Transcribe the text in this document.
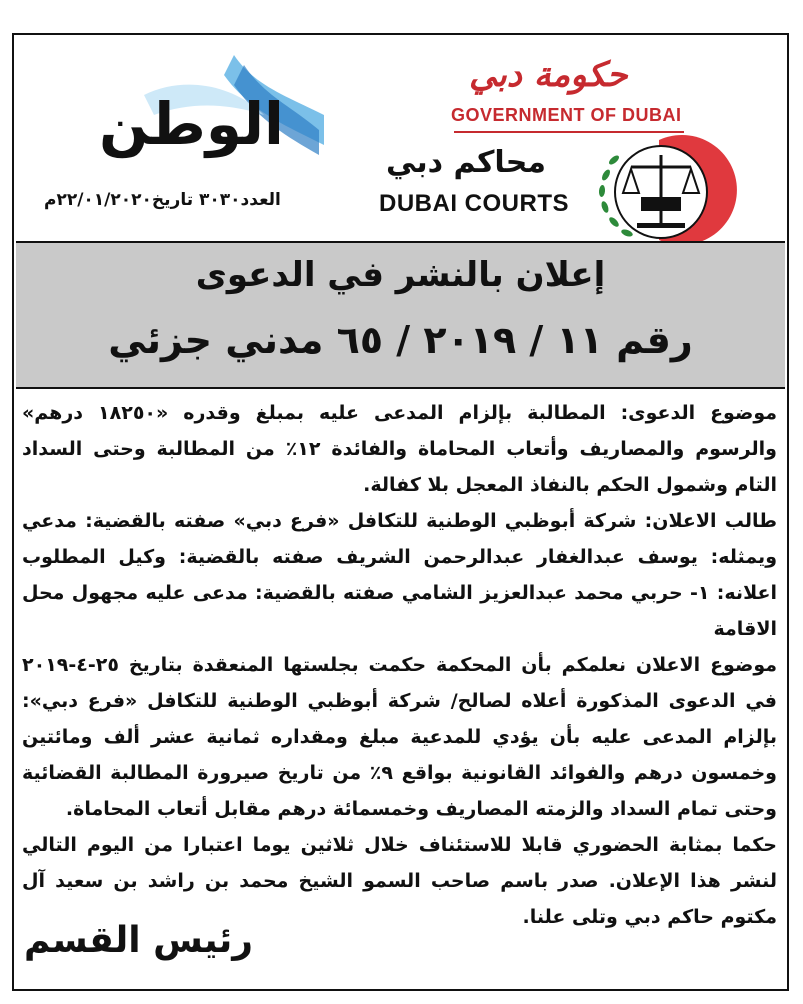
الوطن
العدد٣٠٣٠ تاريخ٢٢/٠١/٢٠٢٠م
حكومة دبي
GOVERNMENT OF DUBAI
محاكم دبي
DUBAI COURTS
إعلان بالنشر في الدعوى
رقم ١١ / ٢٠١٩ / ٦٥ مدني جزئي

موضوع الدعوى: المطالبة بإلزام المدعى عليه بمبلغ وقدره «١٨٢٥٠ درهم» والرسوم والمصاريف وأتعاب المحاماة والفائدة ١٢٪ من المطالبة وحتى السداد التام وشمول الحكم بالنفاذ المعجل بلا كفالة.

طالب الاعلان: شركة أبوظبي الوطنية للتكافل «فرع دبي» صفته بالقضية: مدعي ويمثله: يوسف عبدالغفار عبدالرحمن الشريف صفته بالقضية: وكيل المطلوب اعلانه: ١- حربي محمد عبدالعزيز الشامي صفته بالقضية: مدعى عليه مجهول محل الاقامة

موضوع الاعلان نعلمكم بأن المحكمة حكمت بجلستها المنعقدة بتاريخ ٢٥-٤-٢٠١٩ في الدعوى المذكورة أعلاه لصالح/ شركة أبوظبي الوطنية للتكافل «فرع دبي»: بإلزام المدعى عليه بأن يؤدي للمدعية مبلغ ومقداره ثمانية عشر ألف ومائتين وخمسون درهم والفوائد القانونية بواقع ٩٪ من تاريخ صيرورة المطالبة القضائية وحتى تمام السداد والزمته المصاريف وخمسمائة درهم مقابل أتعاب المحاماة.

حكما بمثابة الحضوري قابلا للاستئناف خلال ثلاثين يوما اعتبارا من اليوم التالي لنشر هذا الإعلان. صدر باسم صاحب السمو الشيخ محمد بن راشد بن سعيد آل مكتوم حاكم دبي وتلى علنا.

رئيس القسم
